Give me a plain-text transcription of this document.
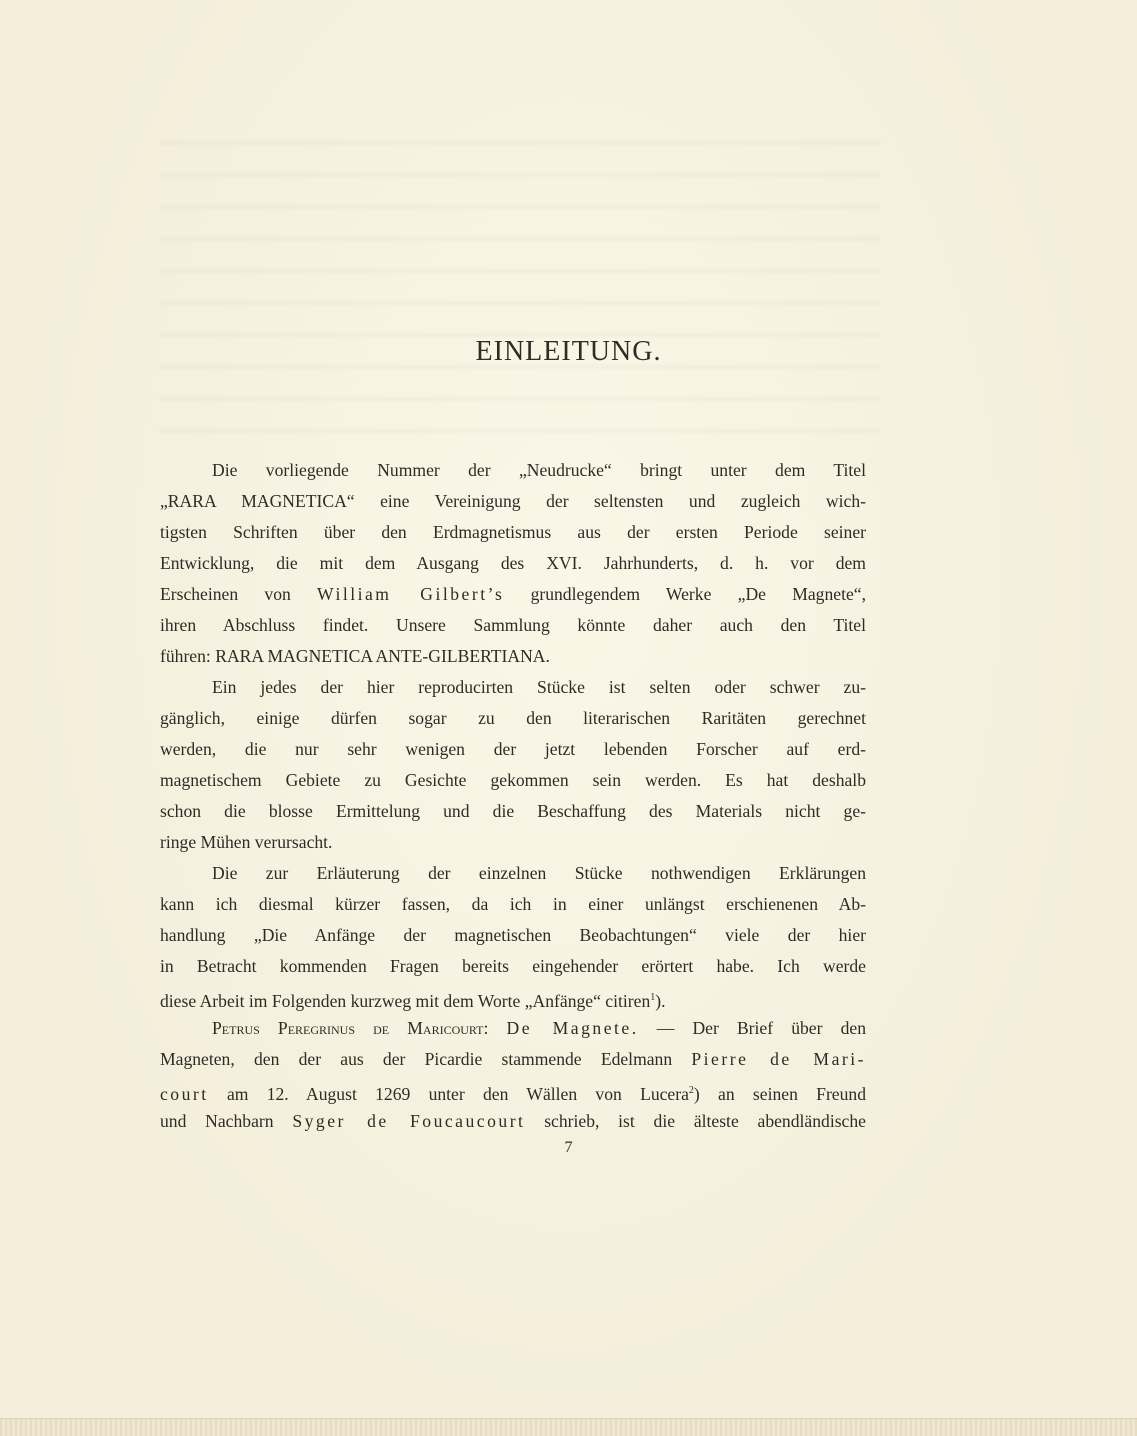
EINLEITUNG.
Die vorliegende Nummer der „Neudrucke“ bringt unter dem Titel
„RARA MAGNETICA“ eine Vereinigung der seltensten und zugleich wich-
tigsten Schriften über den Erdmagnetismus aus der ersten Periode seiner
Entwicklung, die mit dem Ausgang des XVI. Jahrhunderts, d. h. vor dem
Erscheinen von William Gilbert’s grundlegendem Werke „De Magnete“,
ihren Abschluss findet. Unsere Sammlung könnte daher auch den Titel
führen: RARA MAGNETICA ANTE-GILBERTIANA.
Ein jedes der hier reproducirten Stücke ist selten oder schwer zu-
gänglich, einige dürfen sogar zu den literarischen Raritäten gerechnet
werden, die nur sehr wenigen der jetzt lebenden Forscher auf erd-
magnetischem Gebiete zu Gesichte gekommen sein werden. Es hat deshalb
schon die blosse Ermittelung und die Beschaffung des Materials nicht ge-
ringe Mühen verursacht.
Die zur Erläuterung der einzelnen Stücke nothwendigen Erklärungen
kann ich diesmal kürzer fassen, da ich in einer unlängst erschienenen Ab-
handlung „Die Anfänge der magnetischen Beobachtungen“ viele der hier
in Betracht kommenden Fragen bereits eingehender erörtert habe. Ich werde
diese Arbeit im Folgenden kurzweg mit dem Worte „Anfänge“ citiren$^1$).
Petrus Peregrinus de Maricourt: De Magnete. — Der Brief über den
Magneten, den der aus der Picardie stammende Edelmann Pierre de Mari-
court am 12. August 1269 unter den Wällen von Lucera$^2$) an seinen Freund
und Nachbarn Syger de Foucaucourt schrieb, ist die älteste abendländische
7
